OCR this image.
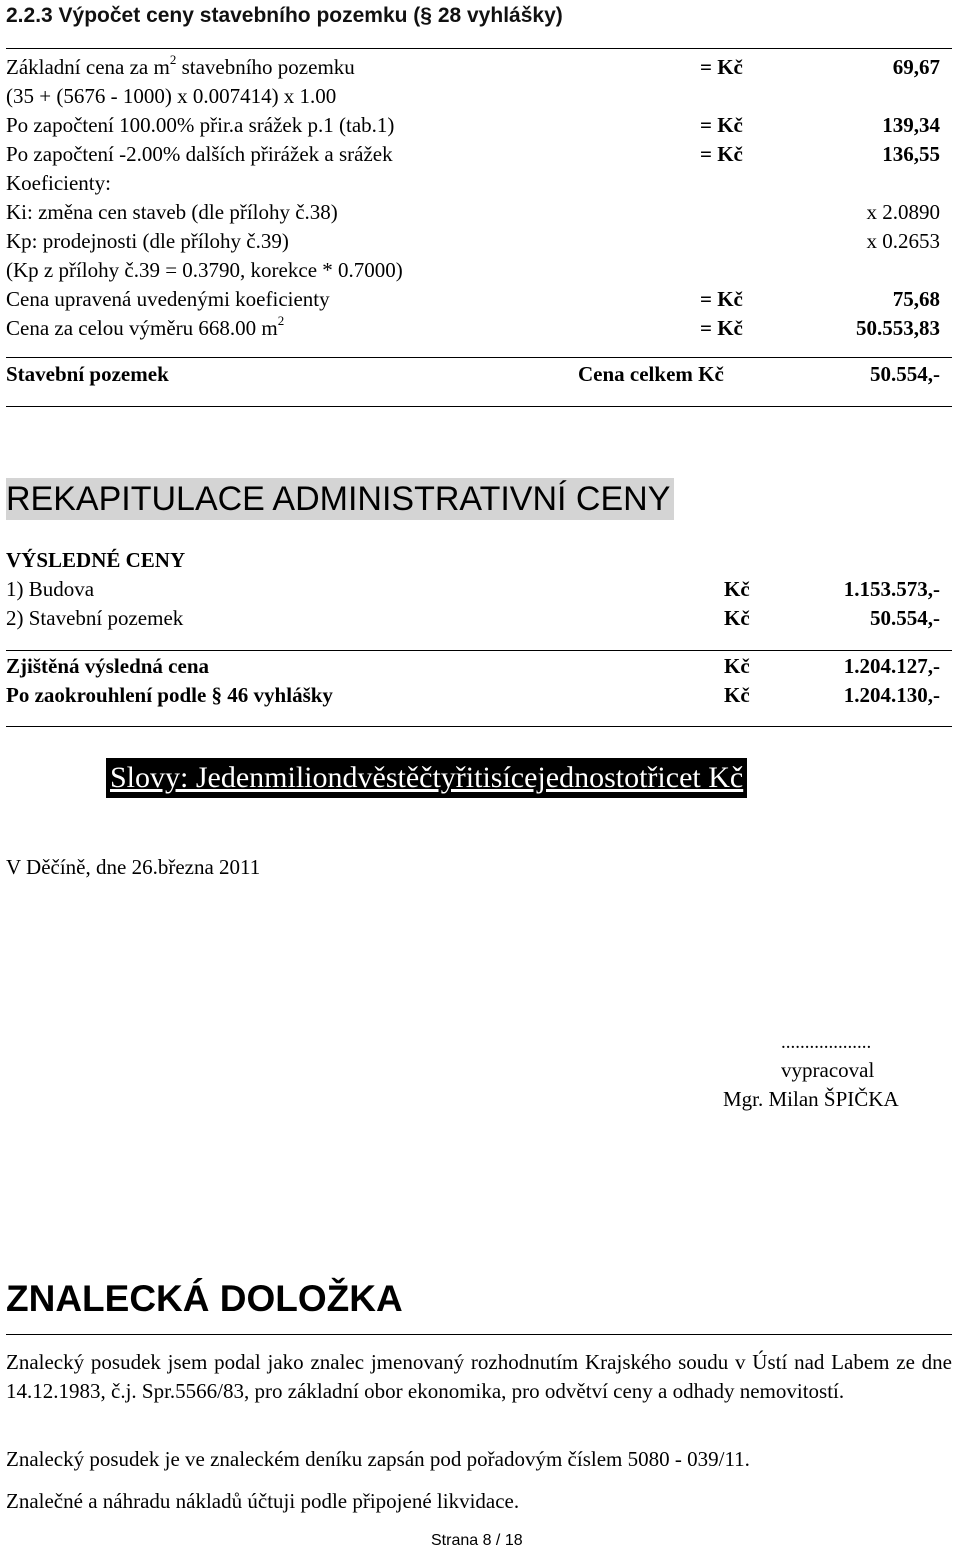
2.2.3 Výpočet ceny stavebního pozemku (§ 28 vyhlášky)
Základní cena za $m^2$ stavebního pozemku	= Kč	69,67
(35 + (5676 - 1000) x 0.007414) x 1.00
Po započtení 100.00% přir.a srážek p.1 (tab.1)	= Kč	139,34
Po započtení -2.00% dalších přirážek a srážek	= Kč	136,55
Koeficienty:
Ki: změna cen staveb (dle přílohy č.38)	x 2.0890
Kp: prodejnosti (dle přílohy č.39)	x 0.2653
(Kp z přílohy č.39 = 0.3790, korekce * 0.7000)
Cena upravená uvedenými koeficienty	= Kč	75,68
Cena za celou výměru 668.00 $m^2$	= Kč	50.553,83
Stavební pozemek	Cena celkem Kč	50.554,-
REKAPITULACE ADMINISTRATIVNÍ CENY
VÝSLEDNÉ CENY
1) Budova	Kč	1.153.573,-
2) Stavební pozemek	Kč	50.554,-
Zjištěná výsledná cena	Kč	1.204.127,-
Po zaokrouhlení podle § 46 vyhlášky	Kč	1.204.130,-
Slovy: Jedenmiliondvěstěčtyřitisícejednostotřicet Kč
V Děčíně, dne 26.března 2011
...................
vypracoval
Mgr. Milan ŠPIČKA
ZNALECKÁ DOLOŽKA
Znalecký posudek jsem podal jako znalec jmenovaný rozhodnutím Krajského soudu v Ústí nad Labem ze dne 14.12.1983, č.j. Spr.5566/83, pro základní obor ekonomika, pro odvětví ceny a odhady nemovitostí.
Znalecký posudek je ve znaleckém deníku zapsán pod pořadovým číslem 5080 - 039/11.
Znalečné a náhradu nákladů účtuji podle připojené likvidace.
Strana 8 / 18
